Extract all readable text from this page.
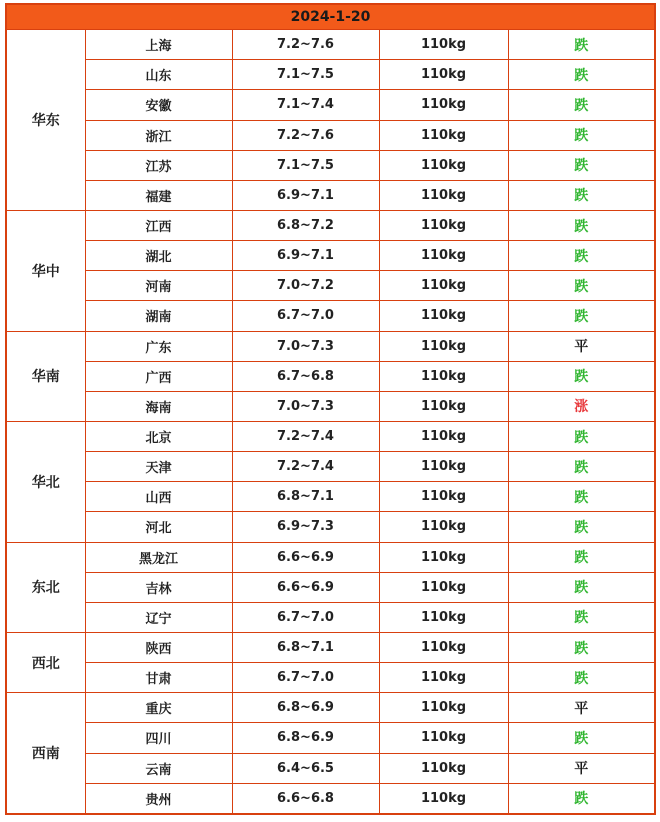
2024-1-20				
华东	上海	7.2~7.6	110kg	跌
	山东	7.1~7.5	110kg	跌
	安徽	7.1~7.4	110kg	跌
	浙江	7.2~7.6	110kg	跌
	江苏	7.1~7.5	110kg	跌
	福建	6.9~7.1	110kg	跌
华中	江西	6.8~7.2	110kg	跌
	湖北	6.9~7.1	110kg	跌
	河南	7.0~7.2	110kg	跌
	湖南	6.7~7.0	110kg	跌
华南	广东	7.0~7.3	110kg	平
	广西	6.7~6.8	110kg	跌
	海南	7.0~7.3	110kg	涨
华北	北京	7.2~7.4	110kg	跌
	天津	7.2~7.4	110kg	跌
	山西	6.8~7.1	110kg	跌
	河北	6.9~7.3	110kg	跌
东北	黑龙江	6.6~6.9	110kg	跌
	吉林	6.6~6.9	110kg	跌
	辽宁	6.7~7.0	110kg	跌
西北	陕西	6.8~7.1	110kg	跌
	甘肃	6.7~7.0	110kg	跌
西南	重庆	6.8~6.9	110kg	平
	四川	6.8~6.9	110kg	跌
	云南	6.4~6.5	110kg	平
	贵州	6.6~6.8	110kg	跌
